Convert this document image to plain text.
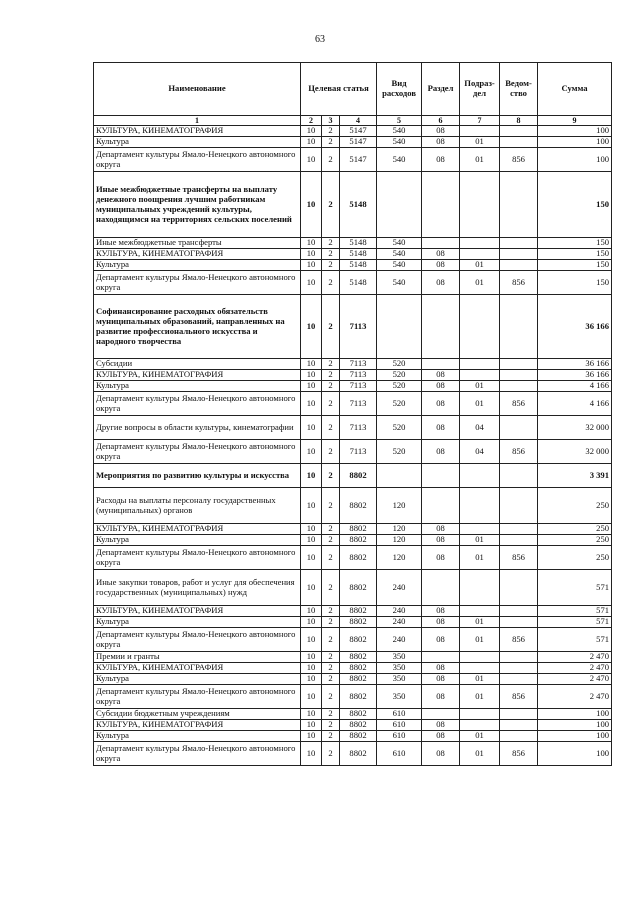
63
Наименование	Целевая статья			Вид расходов	Раздел	Подраз-дел	Ведом-ство	Сумма
1	2	3	4	5	6	7	8	9
КУЛЬТУРА, КИНЕМАТОГРАФИЯ	10	2	5147	540	08			100
Культура	10	2	5147	540	08	01		100
Департамент культуры Ямало-Ненецкого автономного округа	10	2	5147	540	08	01	856	100
Иные межбюджетные трансферты на выплату денежного поощрения лучшим работникам муниципальных учреждений культуры, находящимся на территориях сельских поселений	10	2	5148					150
Иные межбюджетные трансферты	10	2	5148	540				150
КУЛЬТУРА, КИНЕМАТОГРАФИЯ	10	2	5148	540	08			150
Культура	10	2	5148	540	08	01		150
Департамент культуры Ямало-Ненецкого автономного округа	10	2	5148	540	08	01	856	150
Софинансирование расходных обязательств муниципальных образований, направленных на развитие профессионального искусства и народного творчества	10	2	7113					36 166
Субсидии	10	2	7113	520				36 166
КУЛЬТУРА, КИНЕМАТОГРАФИЯ	10	2	7113	520	08			36 166
Культура	10	2	7113	520	08	01		4 166
Департамент культуры Ямало-Ненецкого автономного округа	10	2	7113	520	08	01	856	4 166
Другие вопросы в области культуры, кинематографии	10	2	7113	520	08	04		32 000
Департамент культуры Ямало-Ненецкого автономного округа	10	2	7113	520	08	04	856	32 000
Мероприятия по развитию культуры и искусства	10	2	8802					3 391
Расходы на выплаты персоналу государственных (муниципальных) органов	10	2	8802	120				250
КУЛЬТУРА, КИНЕМАТОГРАФИЯ	10	2	8802	120	08			250
Культура	10	2	8802	120	08	01		250
Департамент культуры Ямало-Ненецкого автономного округа	10	2	8802	120	08	01	856	250
Иные закупки товаров, работ и услуг для обеспечения государственных (муниципальных) нужд	10	2	8802	240				571
КУЛЬТУРА, КИНЕМАТОГРАФИЯ	10	2	8802	240	08			571
Культура	10	2	8802	240	08	01		571
Департамент культуры Ямало-Ненецкого автономного округа	10	2	8802	240	08	01	856	571
Премии и гранты	10	2	8802	350				2 470
КУЛЬТУРА, КИНЕМАТОГРАФИЯ	10	2	8802	350	08			2 470
Культура	10	2	8802	350	08	01		2 470
Департамент культуры Ямало-Ненецкого автономного округа	10	2	8802	350	08	01	856	2 470
Субсидии бюджетным учреждениям	10	2	8802	610				100
КУЛЬТУРА, КИНЕМАТОГРАФИЯ	10	2	8802	610	08			100
Культура	10	2	8802	610	08	01		100
Департамент культуры Ямало-Ненецкого автономного округа	10	2	8802	610	08	01	856	100
